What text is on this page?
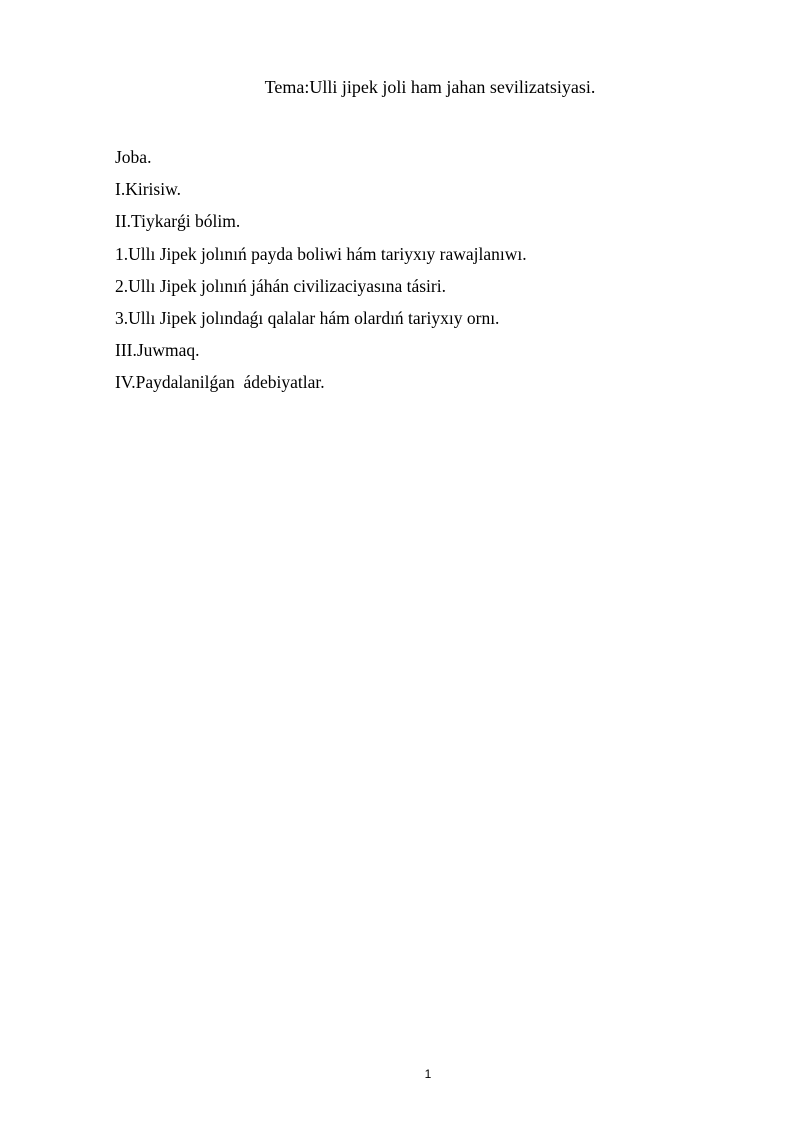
Tema:Ulli jipek joli ham jahan sevilizatsiyasi.
Joba.
I.Kirisiw.
II.Tiykarǵi bólim.
1.Ullı Jipek jolınıń payda boliwi hám tariyxıy rawajlanıwı.
2.Ullı Jipek jolınıń jáhán civilizaciyasına tásiri.
3.Ullı Jipek jolındaǵı qalalar hám olardıń tariyxıy ornı.
III.Juwmaq.
IV.Paydalanilǵan  ádebiyatlar.
1
